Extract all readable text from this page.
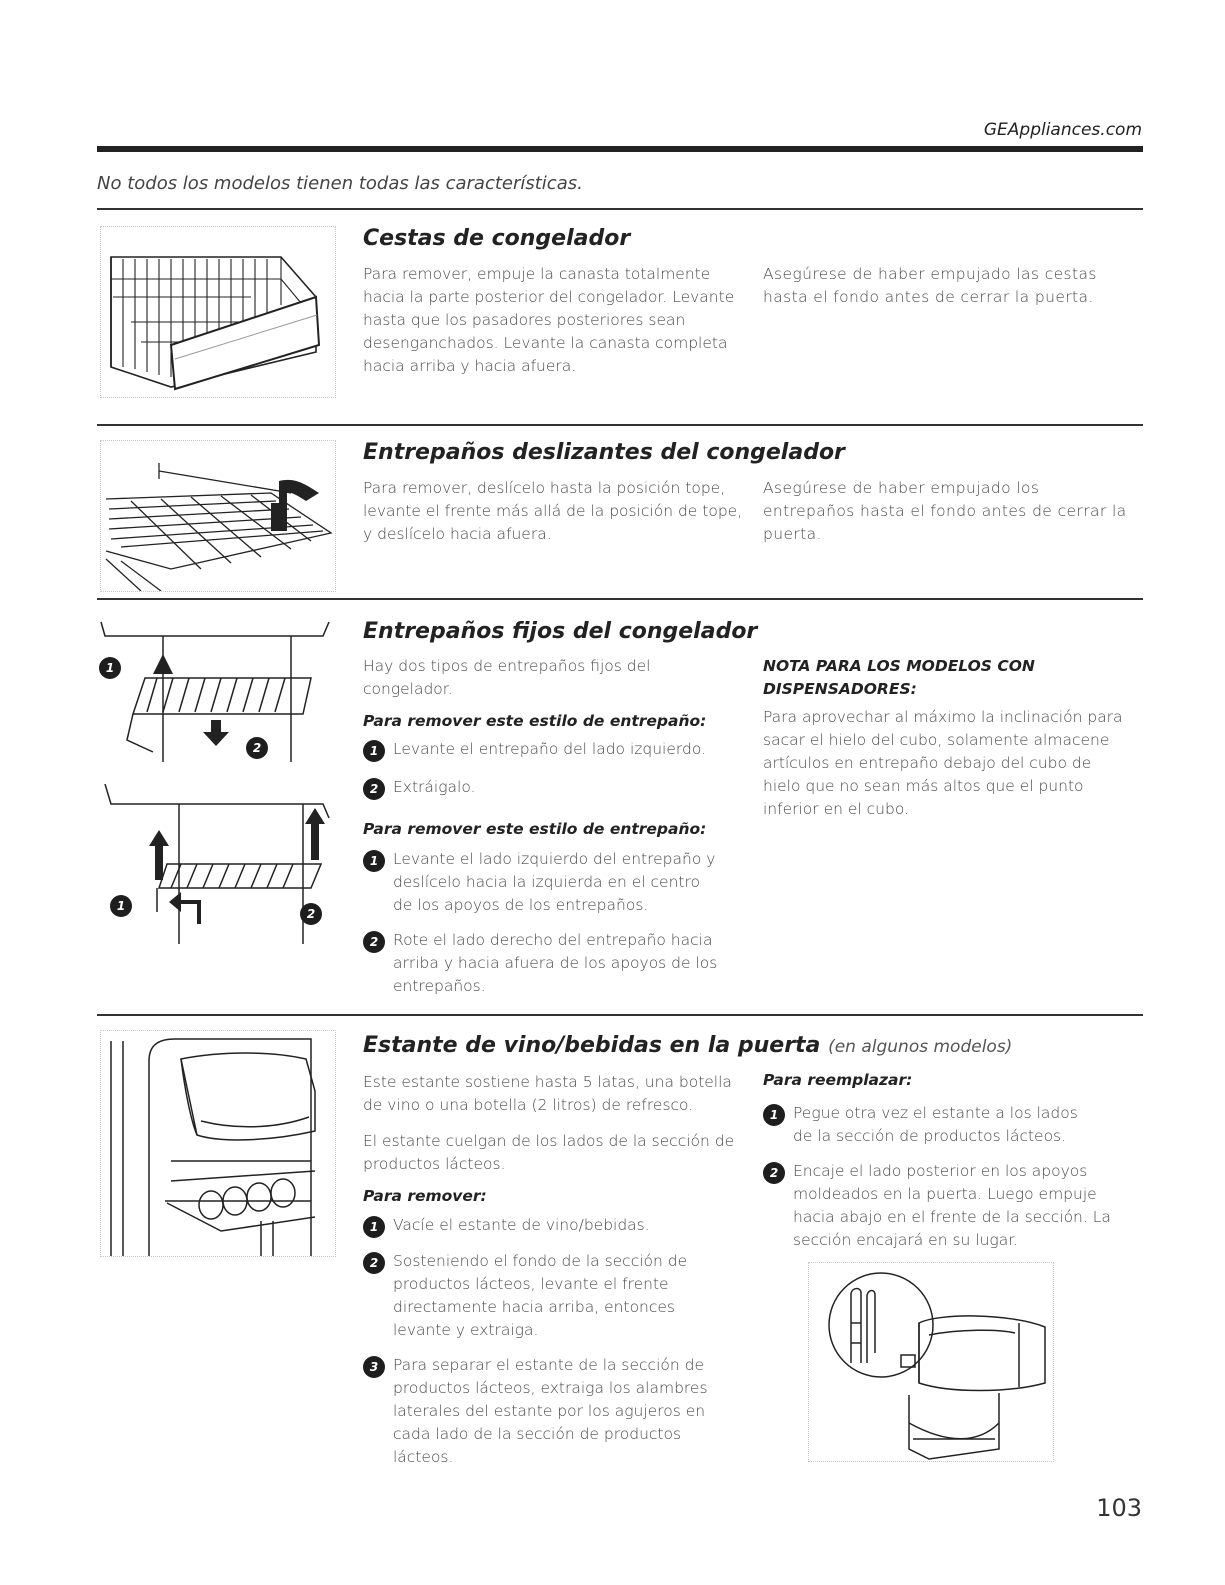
GEAppliances.com
No todos los modelos tienen todas las características.
Cestas de congelador
Para remover, empuje la canasta totalmente hacia la parte posterior del congelador. Levante hasta que los pasadores posteriores sean desenganchados. Levante la canasta completa hacia arriba y hacia afuera.
Asegúrese de haber empujado las cestas hasta el fondo antes de cerrar la puerta.
Entrepaños deslizantes del congelador
Para remover, deslícelo hasta la posición tope, levante el frente más allá de la posición de tope, y deslícelo hacia afuera.
Asegúrese de haber empujado los entrepaños hasta el fondo antes de cerrar la puerta.
1
2
1
2
Entrepaños fijos del congelador
Hay dos tipos de entrepaños fijos del congelador.
Para remover este estilo de entrepaño:
1 Levante el entrepaño del lado izquierdo.
2 Extráigalo.
Para remover este estilo de entrepaño:
1 Levante el lado izquierdo del entrepaño y deslícelo hacia la izquierda en el centro de los apoyos de los entrepaños.
2 Rote el lado derecho del entrepaño hacia arriba y hacia afuera de los apoyos de los entrepaños.
NOTA PARA LOS MODELOS CON DISPENSADORES:
Para aprovechar al máximo la inclinación para sacar el hielo del cubo, solamente almacene artículos en entrepaño debajo del cubo de hielo que no sean más altos que el punto inferior en el cubo.
Estante de vino/bebidas en la puerta (en algunos modelos)
Este estante sostiene hasta 5 latas, una botella de vino o una botella (2 litros) de refresco.
El estante cuelgan de los lados de la sección de productos lácteos.
Para remover:
1 Vacíe el estante de vino/bebidas.
2 Sosteniendo el fondo de la sección de productos lácteos, levante el frente directamente hacia arriba, entonces levante y extraiga.
3 Para separar el estante de la sección de productos lácteos, extraiga los alambres laterales del estante por los agujeros en cada lado de la sección de productos lácteos.
Para reemplazar:
1 Pegue otra vez el estante a los lados de la sección de productos lácteos.
2 Encaje el lado posterior en los apoyos moldeados en la puerta. Luego empuje hacia abajo en el frente de la sección. La sección encajará en su lugar.
103
